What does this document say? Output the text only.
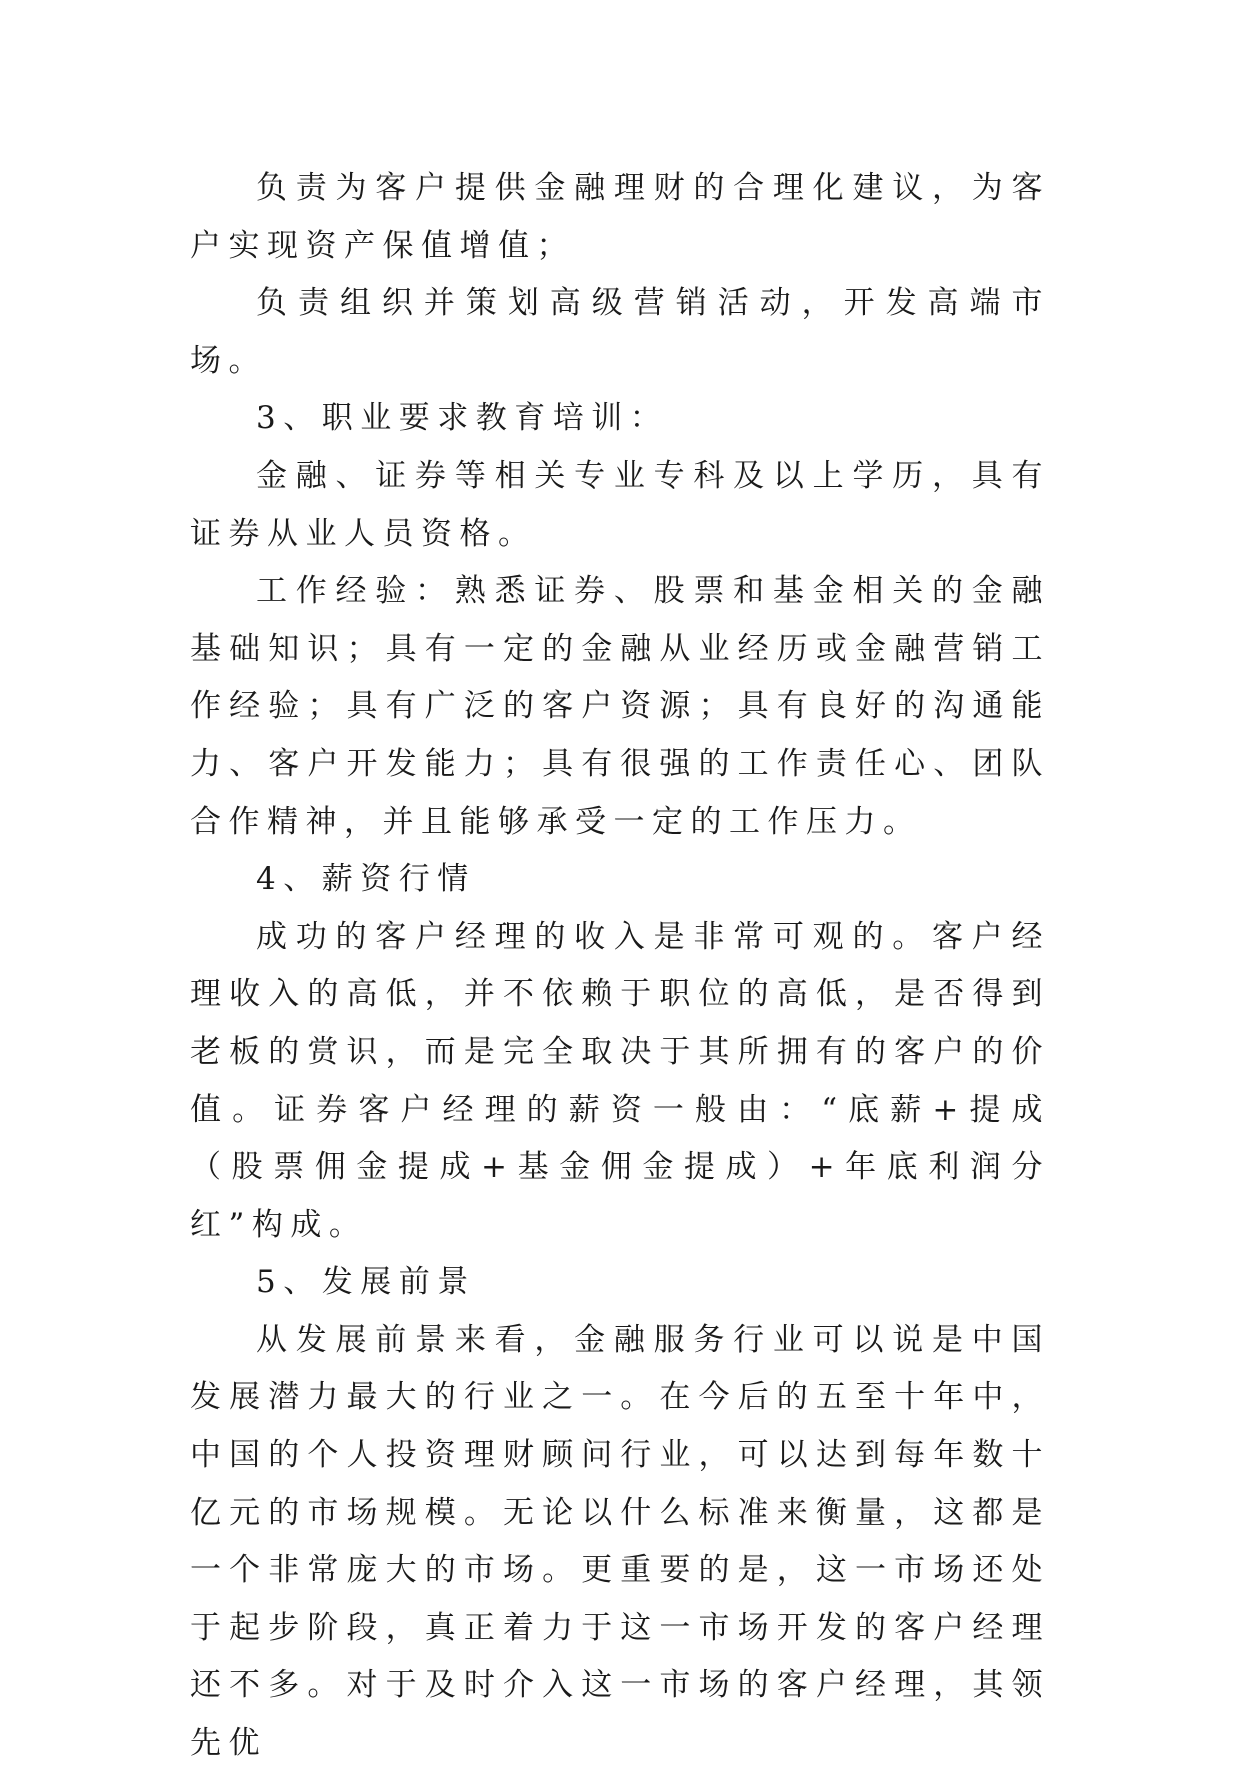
负责为客户提供金融理财的合理化建议，为客户实现资产保值增值；

负责组织并策划高级营销活动，开发高端市场。

3、职业要求教育培训：

金融、证券等相关专业专科及以上学历，具有证券从业人员资格。

工作经验：熟悉证券、股票和基金相关的金融基础知识；具有一定的金融从业经历或金融营销工作经验；具有广泛的客户资源；具有良好的沟通能力、客户开发能力；具有很强的工作责任心、团队合作精神，并且能够承受一定的工作压力。

4、薪资行情

成功的客户经理的收入是非常可观的。客户经理收入的高低，并不依赖于职位的高低，是否得到老板的赏识，而是完全取决于其所拥有的客户的价值。证券客户经理的薪资一般由：“底薪+提成（股票佣金提成+基金佣金提成）+年底利润分红”构成。

5、发展前景

从发展前景来看，金融服务行业可以说是中国发展潜力最大的行业之一。在今后的五至十年中，中国的个人投资理财顾问行业，可以达到每年数十亿元的市场规模。无论以什么标准来衡量，这都是一个非常庞大的市场。更重要的是，这一市场还处于起步阶段，真正着力于这一市场开发的客户经理还不多。对于及时介入这一市场的客户经理，其领先优
